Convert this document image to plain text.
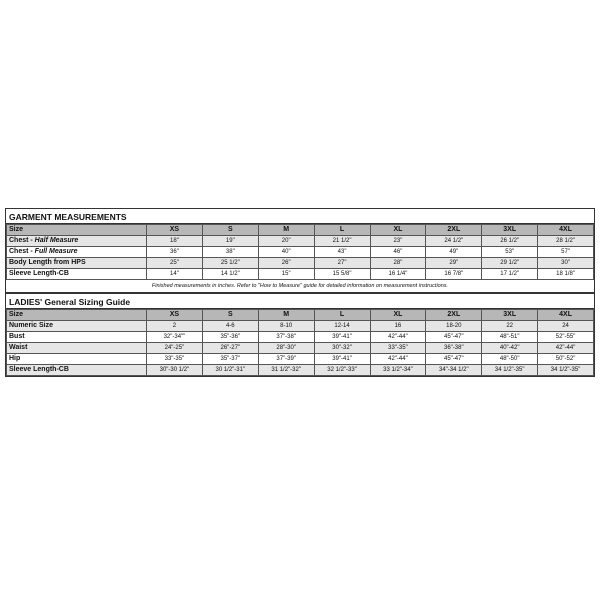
GARMENT MEASUREMENTS
Size	XS	S	M	L	XL	2XL	3XL	4XL
Chest - Half Measure	18"	19"	20"	21 1/2"	23"	24 1/2"	26 1/2"	28 1/2"
Chest - Full Measure	36"	38"	40"	43"	46"	49"	53"	57"
Body Length from HPS	25"	25 1/2"	26"	27"	28"	29"	29 1/2"	30"
Sleeve Length-CB	14"	14 1/2"	15"	15 5/8"	16 1/4"	16 7/8"	17 1/2"	18 1/8"
Finished measurements in inches. Refer to "How to Measure" guide for detailed information on measurement instructions.
LADIES' General Sizing Guide
Size	XS	S	M	L	XL	2XL	3XL	4XL
Numeric Size	2	4-6	8-10	12-14	16	18-20	22	24
Bust	32"-34""	35"-36"	37"-38"	39"-41"	42"-44"	45"-47"	48"-51"	52"-55"
Waist	24"-25"	26"-27"	28"-30"	30"-32"	33"-35"	36"-38"	40"-42"	42"-44"
Hip	33"-35"	35"-37"	37"-39"	39"-41"	42"-44"	45"-47"	48"-50"	50"-52"
Sleeve Length-CB	30"-30 1/2"	30 1/2"-31"	31 1/2"-32"	32 1/2"-33"	33 1/2"-34"	34"-34 1/2"	34 1/2"-35"	34 1/2"-35"
